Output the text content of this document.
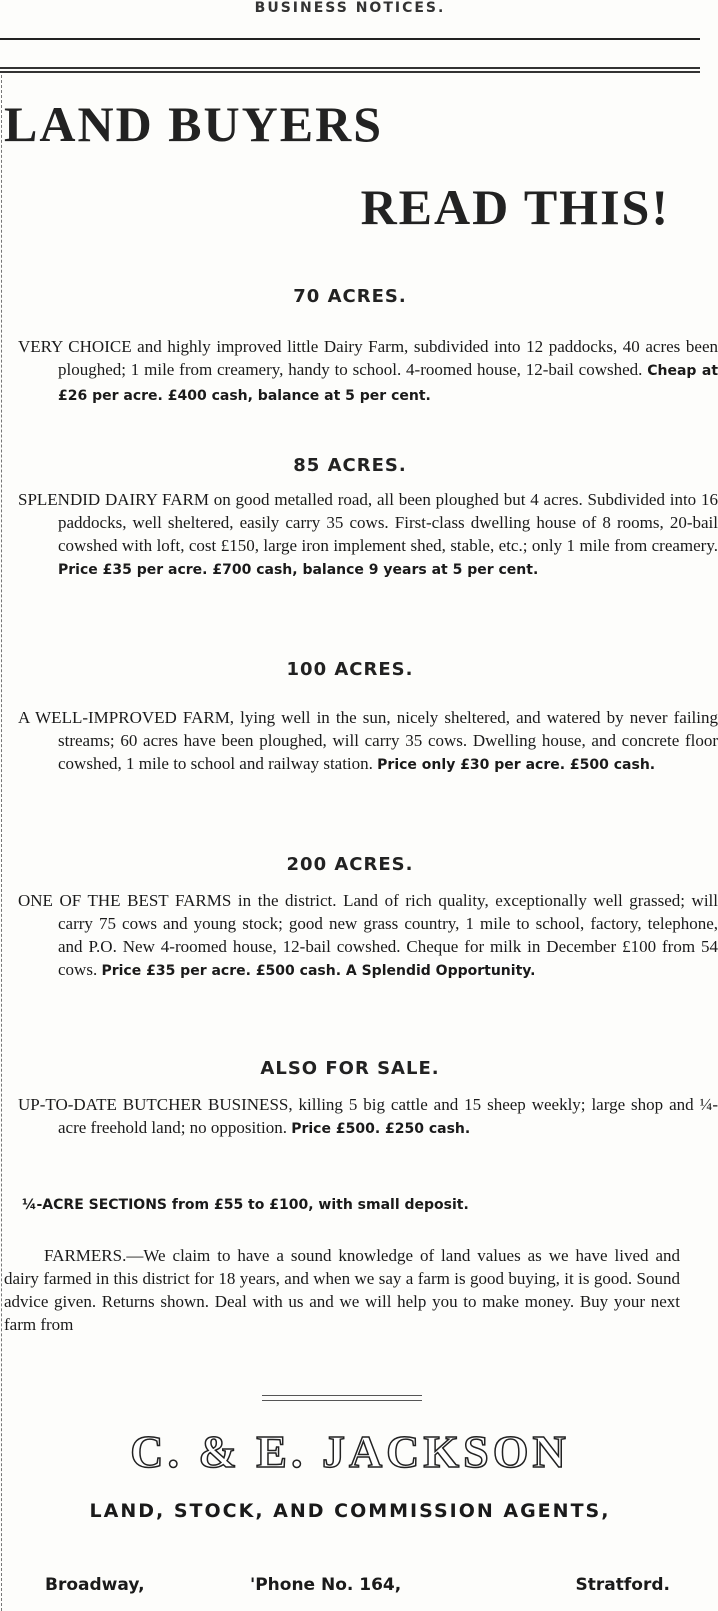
BUSINESS NOTICES.
LAND BUYERS
READ THIS!
70 ACRES.

VERY CHOICE and highly improved little Dairy Farm, subdivided into 12 paddocks, 40 acres been ploughed; 1 mile from creamery, handy to school. 4-roomed house, 12-bail cowshed. Cheap at £26 per acre. £400 cash, balance at 5 per cent.

85 ACRES.

SPLENDID DAIRY FARM on good metalled road, all been ploughed but 4 acres. Subdivided into 16 paddocks, well sheltered, easily carry 35 cows. First-class dwelling house of 8 rooms, 20-bail cowshed with loft, cost £150, large iron implement shed, stable, etc.; only 1 mile from creamery. Price £35 per acre. £700 cash, balance 9 years at 5 per cent.

100 ACRES.

A WELL-IMPROVED FARM, lying well in the sun, nicely sheltered, and watered by never failing streams; 60 acres have been ploughed, will carry 35 cows. Dwelling house, and concrete floor cowshed, 1 mile to school and railway station. Price only £30 per acre. £500 cash.

200 ACRES.

ONE OF THE BEST FARMS in the district. Land of rich quality, exceptionally well grassed; will carry 75 cows and young stock; good new grass country, 1 mile to school, factory, telephone, and P.O. New 4-roomed house, 12-bail cowshed. Cheque for milk in December £100 from 54 cows. Price £35 per acre. £500 cash. A Splendid Opportunity.

ALSO FOR SALE.

UP-TO-DATE BUTCHER BUSINESS, killing 5 big cattle and 15 sheep weekly; large shop and ¼-acre freehold land; no opposition. Price £500. £250 cash.

¼-ACRE SECTIONS from £55 to £100, with small deposit.

FARMERS.—We claim to have a sound knowledge of land values as we have lived and dairy farmed in this district for 18 years, and when we say a farm is good buying, it is good. Sound advice given. Returns shown. Deal with us and we will help you to make money. Buy your next farm from

C. & E. JACKSON
LAND, STOCK, AND COMMISSION AGENTS,
Broadway,	'Phone No. 164,	Stratford.
